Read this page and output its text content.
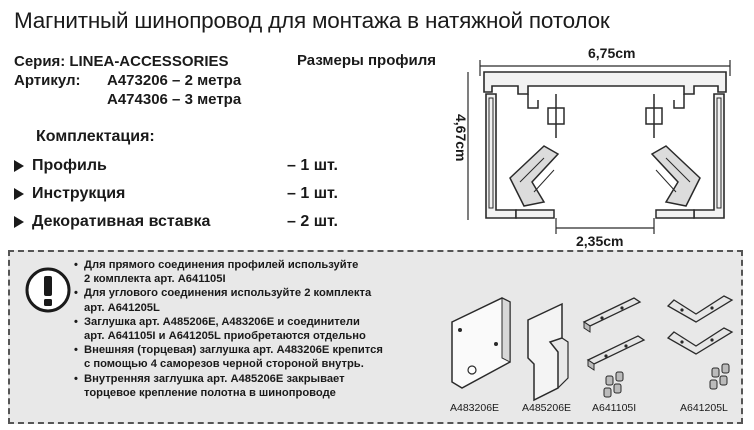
Магнитный шинопровод для монтажа в натяжной потолок
Серия: LINEA-ACCESSORIES
Артикул:	A473206 – 2 метра
A474306 – 3 метра
Размеры профиля
Комплектация:
Профиль	– 1 шт.
Инструкция	– 1 шт.
Декоративная вставка	– 2 шт.
6,75cm
4,67cm
2,35cm
• Для прямого соединения профилей используйте
2 комплекта арт. A641105I
• Для углового соединения используйте 2 комплекта
арт. A641205L
• Заглушка арт. A485206E, A483206E и соединители
арт. A641105I и A641205L приобретаются отдельно
• Внешняя (торцевая) заглушка арт. A483206E крепится
с помощью 4 саморезов черной стороной внутрь.
• Внутренняя заглушка арт. A485206E закрывает
торцевое крепление полотна в шинопроводе
A483206E A485206E A641105I	A641205L
